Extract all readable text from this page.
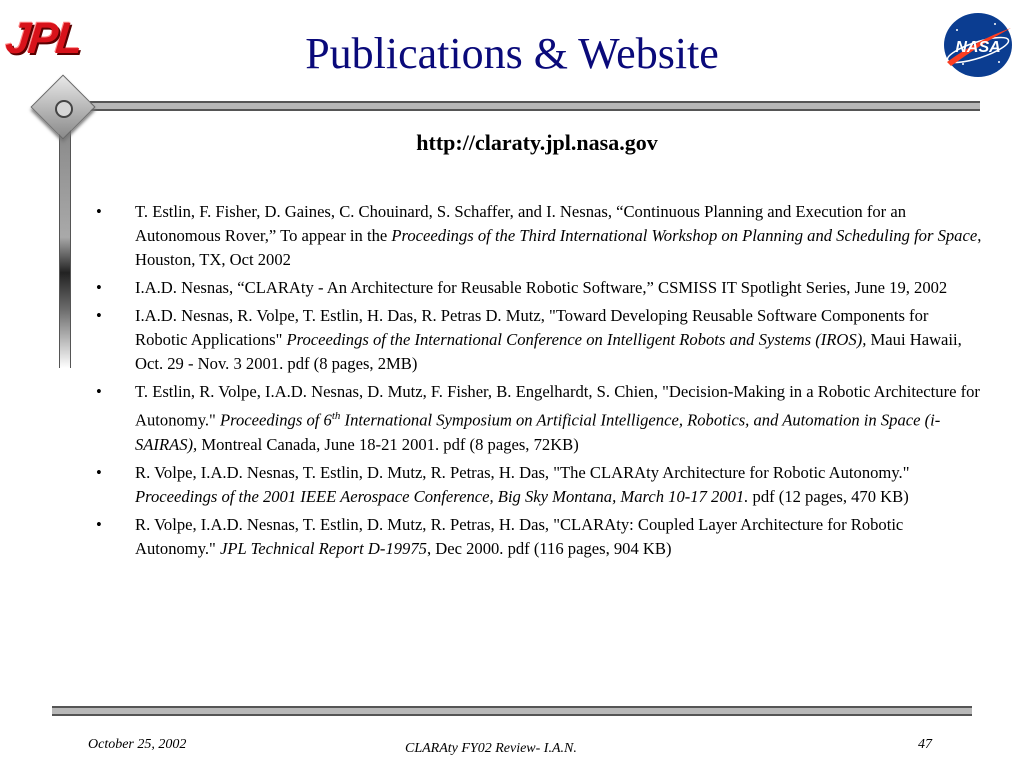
JPL	NASA
Publications & Website
http://claraty.jpl.nasa.gov
• T. Estlin, F. Fisher, D. Gaines, C. Chouinard, S. Schaffer, and I. Nesnas, “Continuous Planning and Execution for an Autonomous Rover,” To appear in the Proceedings of the Third International Workshop on Planning and Scheduling for Space, Houston, TX, Oct 2002
• I.A.D. Nesnas, “CLARAty - An Architecture for Reusable Robotic Software,” CSMISS IT Spotlight Series, June 19, 2002
• I.A.D. Nesnas, R. Volpe, T. Estlin, H. Das, R. Petras D. Mutz, "Toward Developing Reusable Software Components for Robotic Applications" Proceedings of the International Conference on Intelligent Robots and Systems (IROS), Maui Hawaii, Oct. 29 - Nov. 3 2001. pdf (8 pages, 2MB)
• T. Estlin, R. Volpe, I.A.D. Nesnas, D. Mutz, F. Fisher, B. Engelhardt, S. Chien, "Decision-Making in a Robotic Architecture for Autonomy." Proceedings of 6th International Symposium on Artificial Intelligence, Robotics, and Automation in Space (i-SAIRAS), Montreal Canada, June 18-21 2001. pdf (8 pages, 72KB)
• R. Volpe, I.A.D. Nesnas, T. Estlin, D. Mutz, R. Petras, H. Das, "The CLARAty Architecture for Robotic Autonomy." Proceedings of the 2001 IEEE Aerospace Conference, Big Sky Montana, March 10-17 2001. pdf (12 pages, 470 KB)
• R. Volpe, I.A.D. Nesnas, T. Estlin, D. Mutz, R. Petras, H. Das, "CLARAty: Coupled Layer Architecture for Robotic Autonomy." JPL Technical Report D-19975, Dec 2000. pdf (116 pages, 904 KB)
October 25, 2002	CLARAty FY02 Review- I.A.N.	47
